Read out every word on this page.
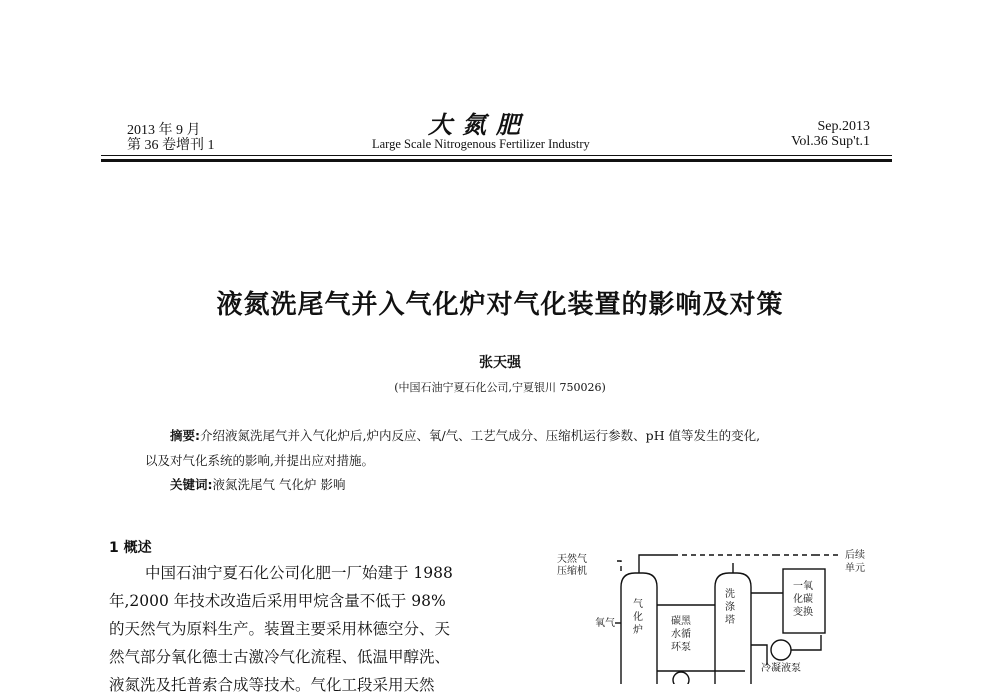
2013 年 9 月
第 36 卷增刊 1
大氮肥
Large Scale Nitrogenous Fertilizer Industry
Sep.2013
Vol.36 Sup't.1
液氮洗尾气并入气化炉对气化装置的影响及对策
张天强
(中国石油宁夏石化公司,宁夏银川 750026)
摘要:介绍液氮洗尾气并入气化炉后,炉内反应、氧/气、工艺气成分、压缩机运行参数、pH 值等发生的变化,
以及对气化系统的影响,并提出应对措施。
关键词:液氮洗尾气 气化炉 影响
1 概述
中国石油宁夏石化公司化肥一厂始建于 1988
年,2000 年技术改造后采用甲烷含量不低于 98%
的天然气为原料生产。装置主要采用林德空分、天
然气部分氧化德士古激冷气化流程、低温甲醇洗、
液氮洗及托普索合成等技术。气化工段采用天然
天然气
压缩机
氧气
气
化
炉
碳黑
水循
环泵
洗
涤
塔
冷凝液泵
一氧
化碳
变换
后续
单元
